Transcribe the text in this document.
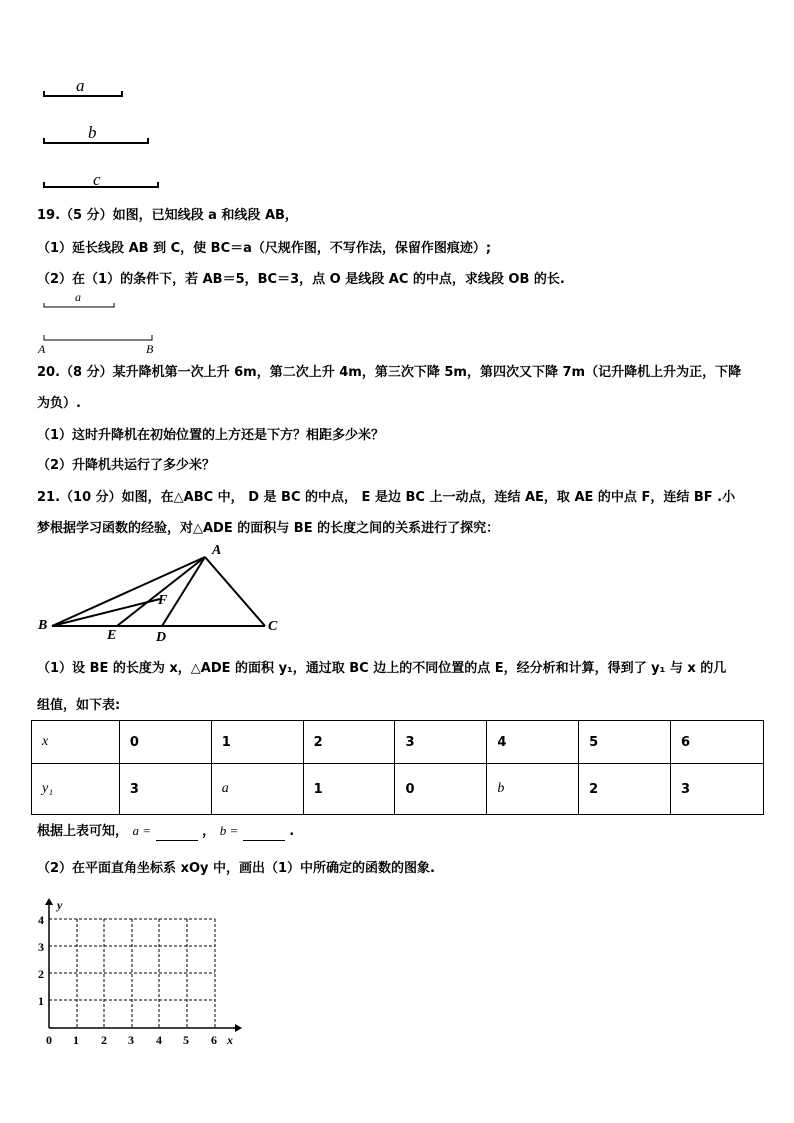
a
b
c
19.（5 分）如图，已知线段 a 和线段 AB，
（1）延长线段 AB 到 C，使 BC＝a（尺规作图，不写作法，保留作图痕迹）;
（2）在（1）的条件下，若 AB＝5，BC＝3，点 O 是线段 AC 的中点，求线段 OB 的长.
a
A	B
20.（8 分）某升降机第一次上升 6m，第二次上升 4m，第三次下降 5m，第四次又下降 7m（记升降机上升为正，下降
为负）.
（1）这时升降机在初始位置的上方还是下方？相距多少米？
（2）升降机共运行了多少米？
21.（10 分）如图，在△ABC 中， D 是 BC 的中点， E 是边 BC 上一动点，连结 AE，取 AE 的中点 F，连结 BF .小
梦根据学习函数的经验，对△ADE 的面积与 BE 的长度之间的关系进行了探究：
A
B	C
D
E
F
（1）设 BE 的长度为 x，△ADE 的面积 y₁，通过取 BC 边上的不同位置的点 E，经分析和计算，得到了 y₁ 与 x 的几
组值，如下表:
x	0	1	2	3	4	5	6
y₁	3	a	1	0	b	2	3
根据上表可知， a =	， b =	.
（2）在平面直角坐标系 xOy 中，画出（1）中所确定的函数的图象.
0 1 2 3 4 5 6
1
2
3
4
x
y
